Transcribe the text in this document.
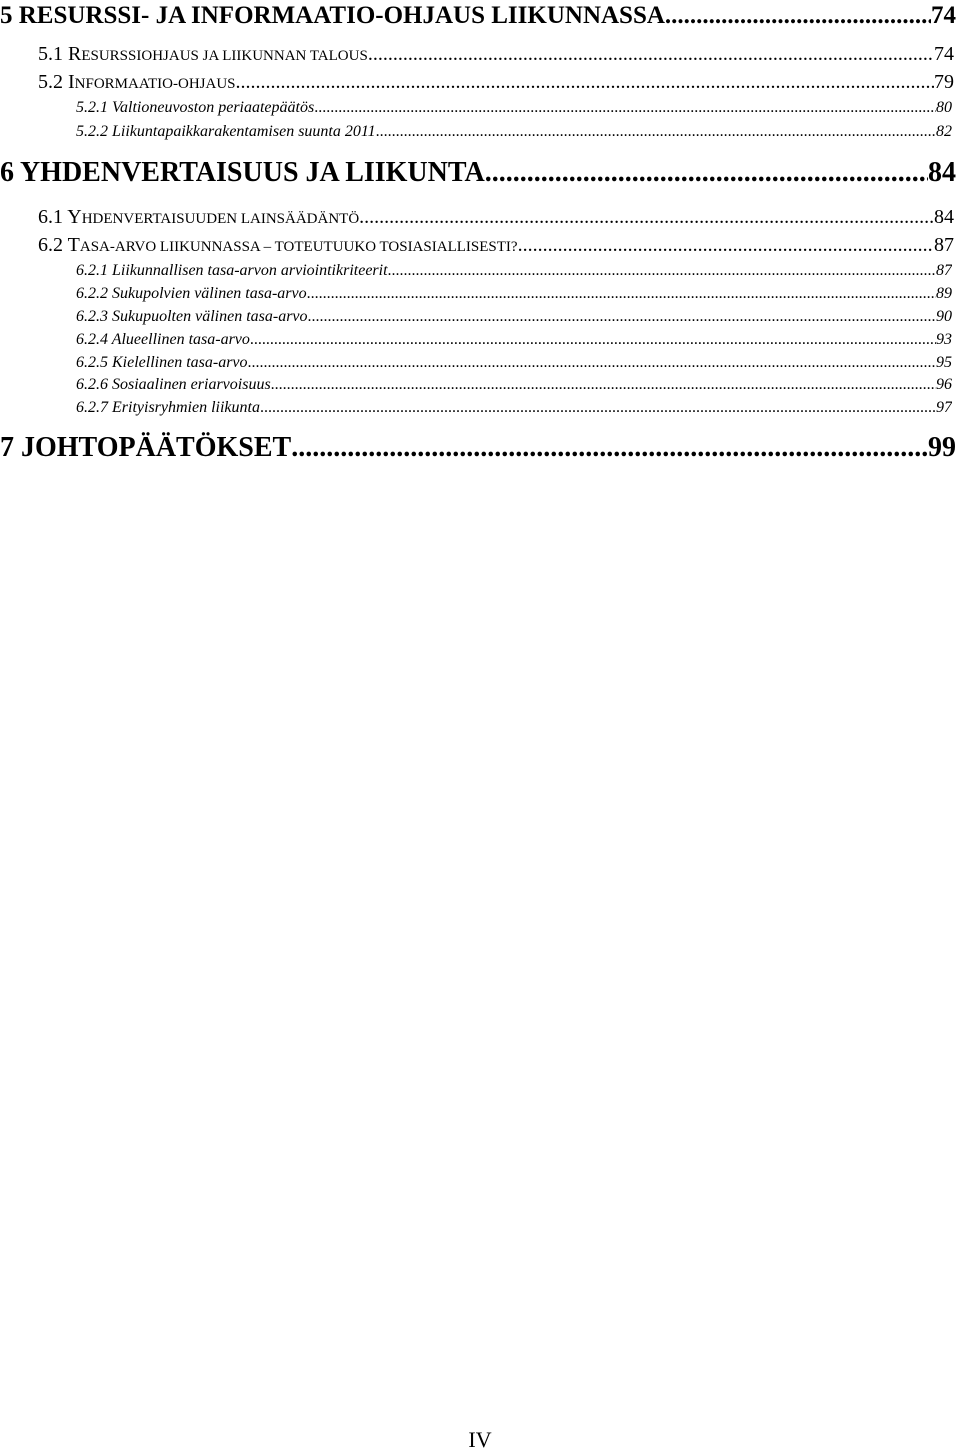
5 RESURSSI- JA INFORMAATIO-OHJAUS LIIKUNNASSA .....	74
5.1 RESURSSIOHJAUS JA LIIKUNNAN TALOUS .....	74
5.2 INFORMAATIO-OHJAUS .....	79
5.2.1 Valtioneuvoston periaatepäätös .....	80
5.2.2 Liikuntapaikkarakentamisen suunta 2011 .....	82
6 YHDENVERTAISUUS JA LIIKUNTA .....	84
6.1 YHDENVERTAISUUDEN LAINSÄÄDÄNTÖ .....	84
6.2 TASA-ARVO LIIKUNNASSA – TOTEUTUUKO TOSIASIALLISESTI? .....	87
6.2.1 Liikunnallisen tasa-arvon arviointikriteerit .....	87
6.2.2 Sukupolvien välinen tasa-arvo .....	89
6.2.3 Sukupuolten välinen tasa-arvo .....	90
6.2.4 Alueellinen tasa-arvo .....	93
6.2.5 Kielellinen tasa-arvo .....	95
6.2.6 Sosiaalinen eriarvoisuus .....	96
6.2.7 Erityisryhmien liikunta .....	97
7 JOHTOPÄÄTÖKSET .....	99
IV
